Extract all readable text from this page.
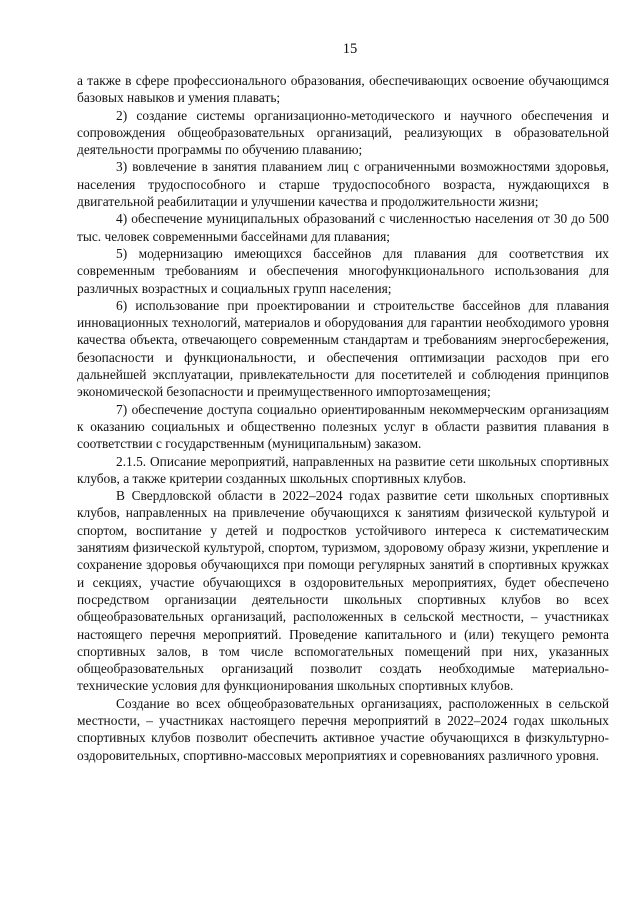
15

а также в сфере профессионального образования, обеспечивающих освоение обучающимся базовых навыков и умения плавать;

2) создание системы организационно-методического и научного обеспечения и сопровождения общеобразовательных организаций, реализующих в образовательной деятельности программы по обучению плаванию;

3) вовлечение в занятия плаванием лиц с ограниченными возможностями здоровья, населения трудоспособного и старше трудоспособного возраста, нуждающихся в двигательной реабилитации и улучшении качества и продолжительности жизни;

4) обеспечение муниципальных образований с численностью населения от 30 до 500 тыс. человек современными бассейнами для плавания;

5) модернизацию имеющихся бассейнов для плавания для соответствия их современным требованиям и обеспечения многофункционального использования для различных возрастных и социальных групп населения;

6) использование при проектировании и строительстве бассейнов для плавания инновационных технологий, материалов и оборудования для гарантии необходимого уровня качества объекта, отвечающего современным стандартам и требованиям энергосбережения, безопасности и функциональности, и обеспечения оптимизации расходов при его дальнейшей эксплуатации, привлекательности для посетителей и соблюдения принципов экономической безопасности и преимущественного импортозамещения;

7) обеспечение доступа социально ориентированным некоммерческим организациям к оказанию социальных и общественно полезных услуг в области развития плавания в соответствии с государственным (муниципальным) заказом.

2.1.5. Описание мероприятий, направленных на развитие сети школьных спортивных клубов, а также критерии созданных школьных спортивных клубов.

В Свердловской области в 2022–2024 годах развитие сети школьных спортивных клубов, направленных на привлечение обучающихся к занятиям физической культурой и спортом, воспитание у детей и подростков устойчивого интереса к систематическим занятиям физической культурой, спортом, туризмом, здоровому образу жизни, укрепление и сохранение здоровья обучающихся при помощи регулярных занятий в спортивных кружках и секциях, участие обучающихся в оздоровительных мероприятиях, будет обеспечено посредством организации деятельности школьных спортивных клубов во всех общеобразовательных организаций, расположенных в сельской местности, – участниках настоящего перечня мероприятий. Проведение капитального и (или) текущего ремонта спортивных залов, в том числе вспомогательных помещений при них, указанных общеобразовательных организаций позволит создать необходимые материально-технические условия для функционирования школьных спортивных клубов.

Создание во всех общеобразовательных организациях, расположенных в сельской местности, – участниках настоящего перечня мероприятий в 2022–2024 годах школьных спортивных клубов позволит обеспечить активное участие обучающихся в физкультурно-оздоровительных, спортивно-массовых мероприятиях и соревнованиях различного уровня.
